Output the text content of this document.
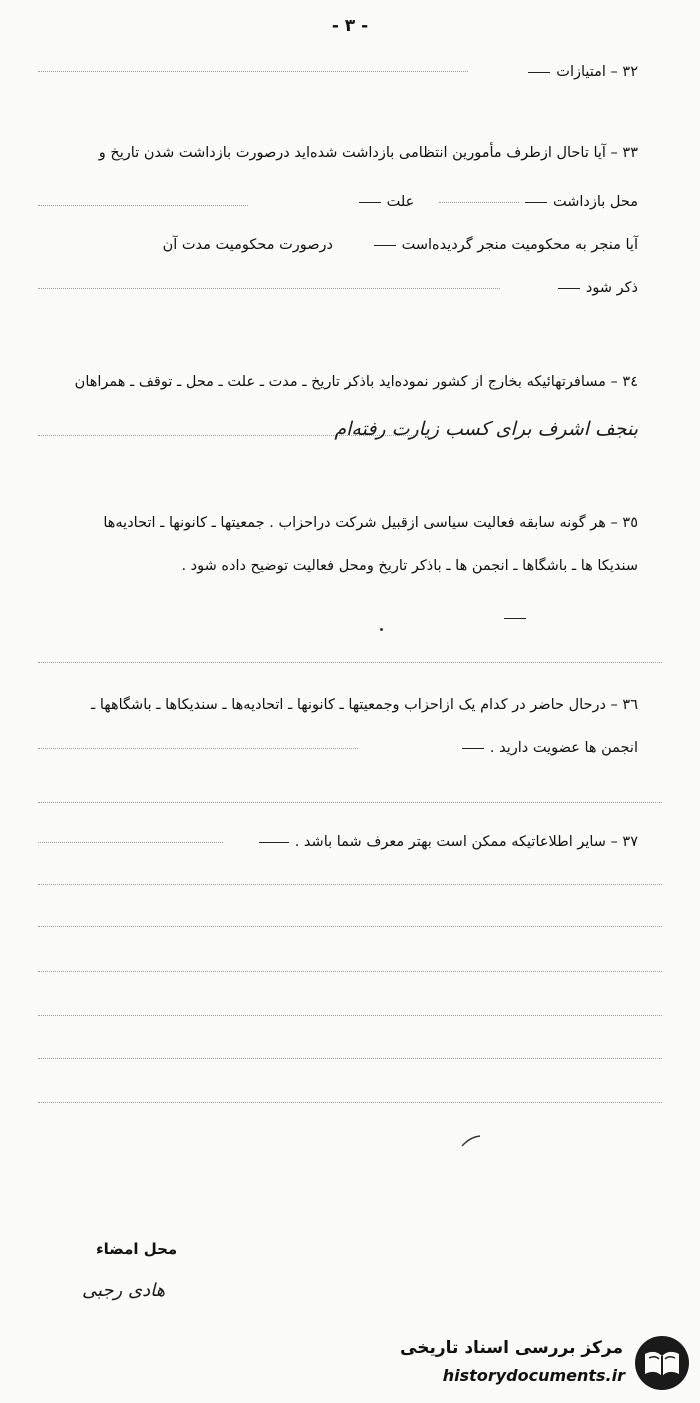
- ٣ -
٣٢ – امتیازات
٣٣ – آیا تاحال ازطرف مأمورین انتظامی بازداشت شده‌اید درصورت بازداشت شدن تاریخ و
محل بازداشت علت
آیا منجر به محکومیت منجر گردیده‌است درصورت محکومیت مدت آن
ذکر شود
٣٤ – مسافرتهائیکه بخارج از کشور نموده‌اید باذکر تاریخ ـ مدت ـ علت ـ محل ـ توقف ـ همراهان
بنجف اشرف برای کسب زیارت رفته‌ام
٣٥ – هر گونه سابقه فعالیت سیاسی ازقبیل شرکت دراحزاب . جمعیتها ـ کانونها ـ اتحادیه‌ها
سندیکا ها ـ باشگاها ـ انجمن ها ـ باذکر تاریخ ومحل فعالیت توضیح داده شود .
٣٦ – درحال حاضر در کدام یک ازاحزاب وجمعیتها ـ کانونها ـ اتحادیه‌ها ـ سندیکاها ـ باشگاهها ـ
انجمن ها عضویت دارید .
٣٧ – سایر اطلاعاتیکه ممکن است بهتر معرف شما باشد .
محل امضاء
هادی رجبی
مرکز بررسی اسناد تاریخی
historydocuments.ir
